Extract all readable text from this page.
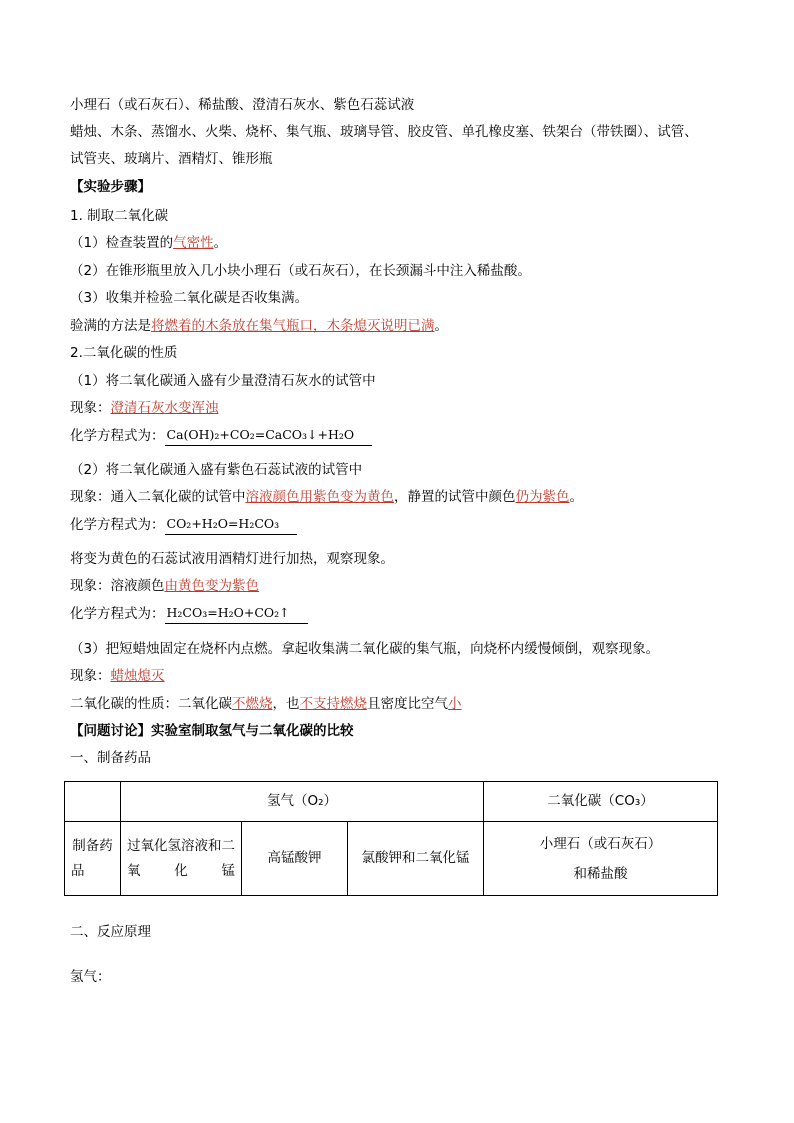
小理石（或石灰石）、稀盐酸、澄清石灰水、紫色石蕊试液
蜡烛、木条、蒸馏水、火柴、烧杯、集气瓶、玻璃导管、胶皮管、单孔橡皮塞、铁架台（带铁圈）、试管、
试管夹、玻璃片、酒精灯、锥形瓶
【实验步骤】
1. 制取二氧化碳
（1）检查装置的气密性。
（2）在锥形瓶里放入几小块小理石（或石灰石），在长颈漏斗中注入稀盐酸。
（3）收集并检验二氧化碳是否收集满。
验满的方法是将燃着的木条放在集气瓶口，木条熄灭说明已满。
2.二氧化碳的性质
（1）将二氧化碳通入盛有少量澄清石灰水的试管中
现象：澄清石灰水变浑浊
化学方程式为： Ca(OH)₂+CO₂=CaCO₃↓+H₂O
（2）将二氧化碳通入盛有紫色石蕊试液的试管中
现象：通入二氧化碳的试管中溶液颜色用紫色变为黄色，静置的试管中颜色仍为紫色。
化学方程式为： CO₂+H₂O=H₂CO₃
将变为黄色的石蕊试液用酒精灯进行加热，观察现象。
现象：溶液颜色由黄色变为紫色
化学方程式为： H₂CO₃=H₂O+CO₂↑
（3）把短蜡烛固定在烧杯内点燃。拿起收集满二氧化碳的集气瓶，向烧杯内缓慢倾倒，观察现象。
现象：蜡烛熄灭
二氧化碳的性质：二氧化碳不燃烧，也不支持燃烧且密度比空气小
【问题讨论】实验室制取氢气与二氧化碳的比较
一、制备药品
	氢气（O₂）			二氧化碳（CO₃）
制备药品	过氧化氢溶液和二氧化锰	高锰酸钾	氯酸钾和二氧化锰	小理石（或石灰石）
和稀盐酸
二、反应原理
氢气：
